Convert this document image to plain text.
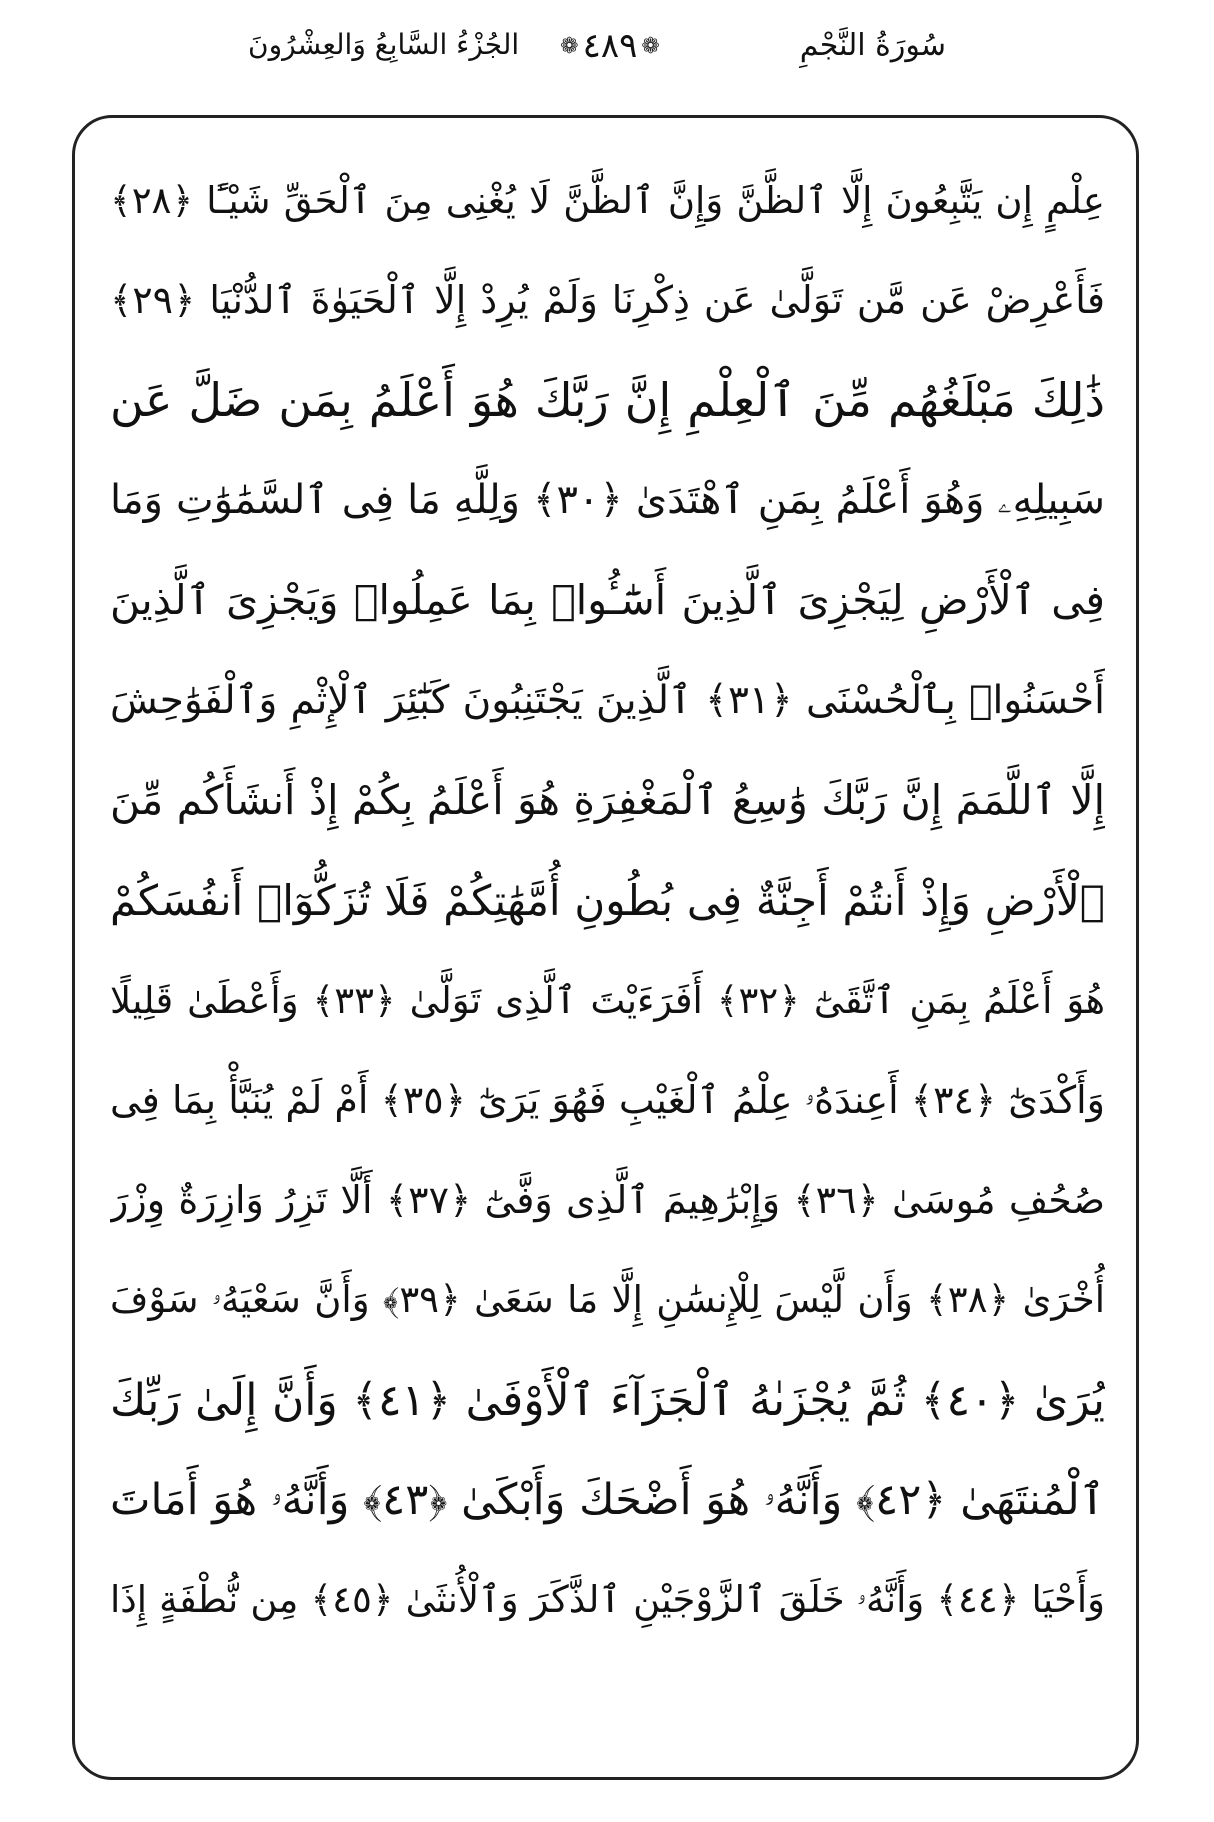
سُورَةُ النَّجْمِ
❁ ٤٨٩ ❁
الجُزْءُ السَّابِعُ وَالعِشْرُونَ
عِلْمٍ إِن يَتَّبِعُونَ إِلَّا ٱلظَّنَّ وَإِنَّ ٱلظَّنَّ لَا يُغْنِى مِنَ ٱلْحَقِّ شَيْـًٔا ﴿٢٨﴾
فَأَعْرِضْ عَن مَّن تَوَلَّىٰ عَن ذِكْرِنَا وَلَمْ يُرِدْ إِلَّا ٱلْحَيَوٰةَ ٱلدُّنْيَا ﴿٢٩﴾
ذَٰلِكَ مَبْلَغُهُم مِّنَ ٱلْعِلْمِ إِنَّ رَبَّكَ هُوَ أَعْلَمُ بِمَن ضَلَّ عَن
سَبِيلِهِۦ وَهُوَ أَعْلَمُ بِمَنِ ٱهْتَدَىٰ ﴿٣٠﴾ وَلِلَّهِ مَا فِى ٱلسَّمَٰوَٰتِ وَمَا
فِى ٱلْأَرْضِ لِيَجْزِىَ ٱلَّذِينَ أَسَٰٓـُٔوا۟ بِمَا عَمِلُوا۟ وَيَجْزِىَ ٱلَّذِينَ
أَحْسَنُوا۟ بِٱلْحُسْنَى ﴿٣١﴾ ٱلَّذِينَ يَجْتَنِبُونَ كَبَٰٓئِرَ ٱلْإِثْمِ وَٱلْفَوَٰحِشَ
إِلَّا ٱللَّمَمَ إِنَّ رَبَّكَ وَٰسِعُ ٱلْمَغْفِرَةِ هُوَ أَعْلَمُ بِكُمْ إِذْ أَنشَأَكُم مِّنَ
ٱلْأَرْضِ وَإِذْ أَنتُمْ أَجِنَّةٌ فِى بُطُونِ أُمَّهَٰتِكُمْ فَلَا تُزَكُّوٓا۟ أَنفُسَكُمْ
هُوَ أَعْلَمُ بِمَنِ ٱتَّقَىٰٓ ﴿٣٢﴾ أَفَرَءَيْتَ ٱلَّذِى تَوَلَّىٰ ﴿٣٣﴾ وَأَعْطَىٰ قَلِيلًا
وَأَكْدَىٰٓ ﴿٣٤﴾ أَعِندَهُۥ عِلْمُ ٱلْغَيْبِ فَهُوَ يَرَىٰٓ ﴿٣٥﴾ أَمْ لَمْ يُنَبَّأْ بِمَا فِى
صُحُفِ مُوسَىٰ ﴿٣٦﴾ وَإِبْرَٰهِيمَ ٱلَّذِى وَفَّىٰٓ ﴿٣٧﴾ أَلَّا تَزِرُ وَازِرَةٌ وِزْرَ
أُخْرَىٰ ﴿٣٨﴾ وَأَن لَّيْسَ لِلْإِنسَٰنِ إِلَّا مَا سَعَىٰ ﴿٣٩﴾ وَأَنَّ سَعْيَهُۥ سَوْفَ
يُرَىٰ ﴿٤٠﴾ ثُمَّ يُجْزَىٰهُ ٱلْجَزَآءَ ٱلْأَوْفَىٰ ﴿٤١﴾ وَأَنَّ إِلَىٰ رَبِّكَ
ٱلْمُنتَهَىٰ ﴿٤٢﴾ وَأَنَّهُۥ هُوَ أَضْحَكَ وَأَبْكَىٰ ﴿٤٣﴾ وَأَنَّهُۥ هُوَ أَمَاتَ
وَأَحْيَا ﴿٤٤﴾ وَأَنَّهُۥ خَلَقَ ٱلزَّوْجَيْنِ ٱلذَّكَرَ وَٱلْأُنثَىٰ ﴿٤٥﴾ مِن نُّطْفَةٍ إِذَا
